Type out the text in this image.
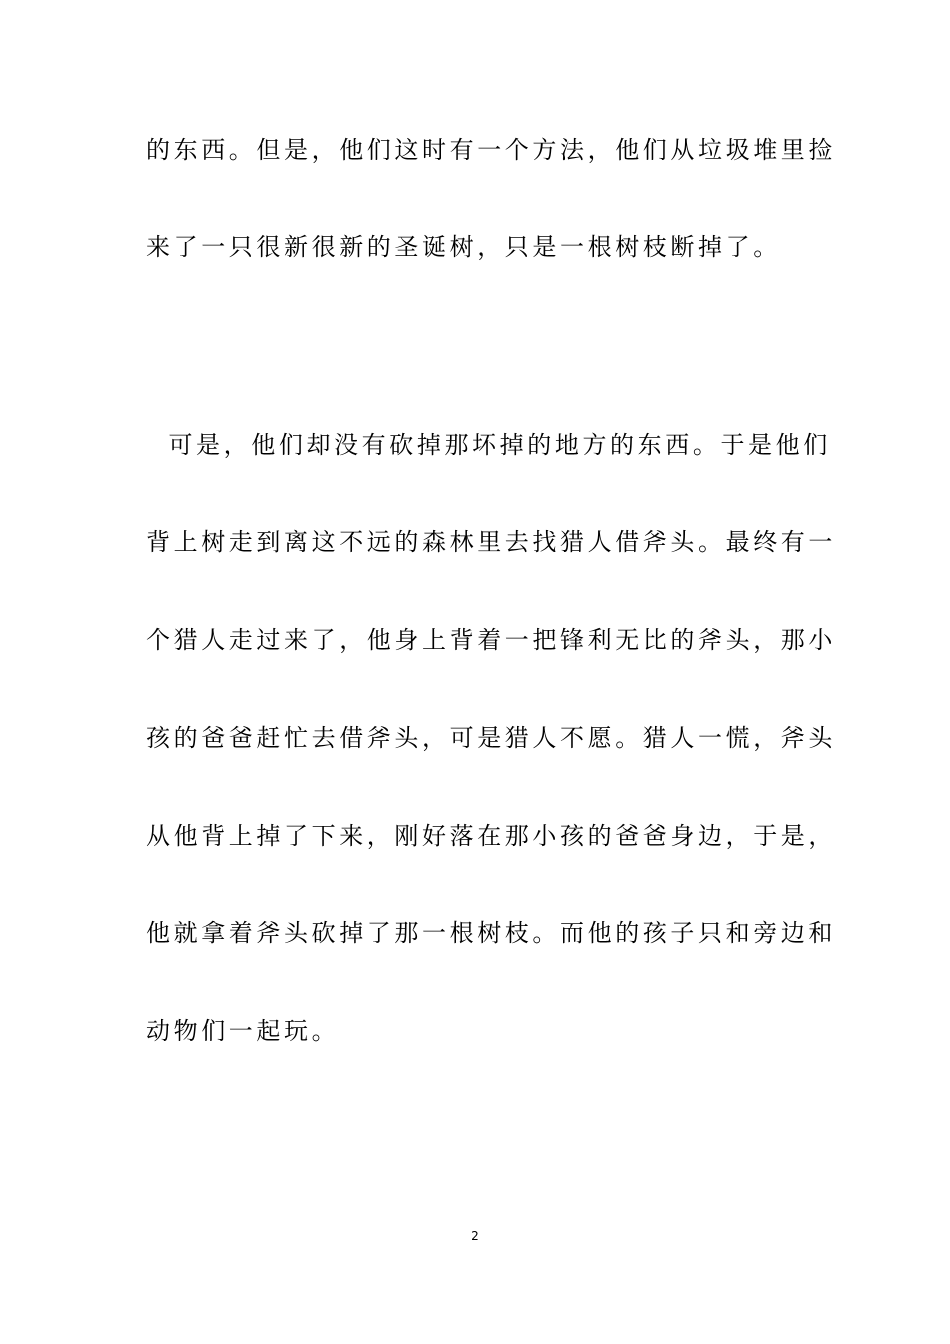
的东西。但是，他们这时有一个方法，他们从垃圾堆里捡
来了一只很新很新的圣诞树，只是一根树枝断掉了。
可是，他们却没有砍掉那坏掉的地方的东西。于是他们
背上树走到离这不远的森林里去找猎人借斧头。最终有一
个猎人走过来了，他身上背着一把锋利无比的斧头，那小
孩的爸爸赶忙去借斧头，可是猎人不愿。猎人一慌，斧头
从他背上掉了下来，刚好落在那小孩的爸爸身边，于是，
他就拿着斧头砍掉了那一根树枝。而他的孩子只和旁边和
动物们一起玩。
2
